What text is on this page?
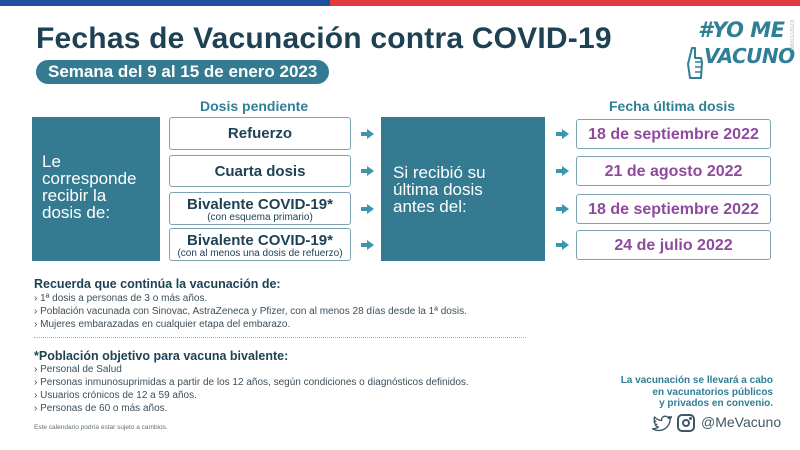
Fechas de Vacunación contra COVID-19
Semana del 9 al 15 de enero 2023
#YO ME
VACUNO
08/01/2023
Dosis pendiente	Fecha última dosis
Le
corresponde
recibir la
dosis de:
Refuerzo
Cuarta dosis
Bivalente COVID-19*
(con esquema primario)
Bivalente COVID-19*
(con al menos una dosis de refuerzo)
Si recibió su
última dosis
antes del:
18 de septiembre 2022
21 de agosto 2022
18 de septiembre 2022
24 de julio 2022
Recuerda que continúa la vacunación de:
› 1ª dosis a personas de 3 o más años.
› Población vacunada con Sinovac, AstraZeneca y Pfizer, con al menos 28 días desde la 1ª dosis.
› Mujeres embarazadas en cualquier etapa del embarazo.
*Población objetivo para vacuna bivalente:
› Personal de Salud
› Personas inmunosuprimidas a partir de los 12 años, según condiciones o diagnósticos definidos.
› Usuarios crónicos de 12 a 59 años.
› Personas de 60 o más años.
Este calendario podría estar sujeto a cambios.
La vacunación se llevará a cabo
en vacunatorios públicos
y privados en convenio.
@MeVacuno
